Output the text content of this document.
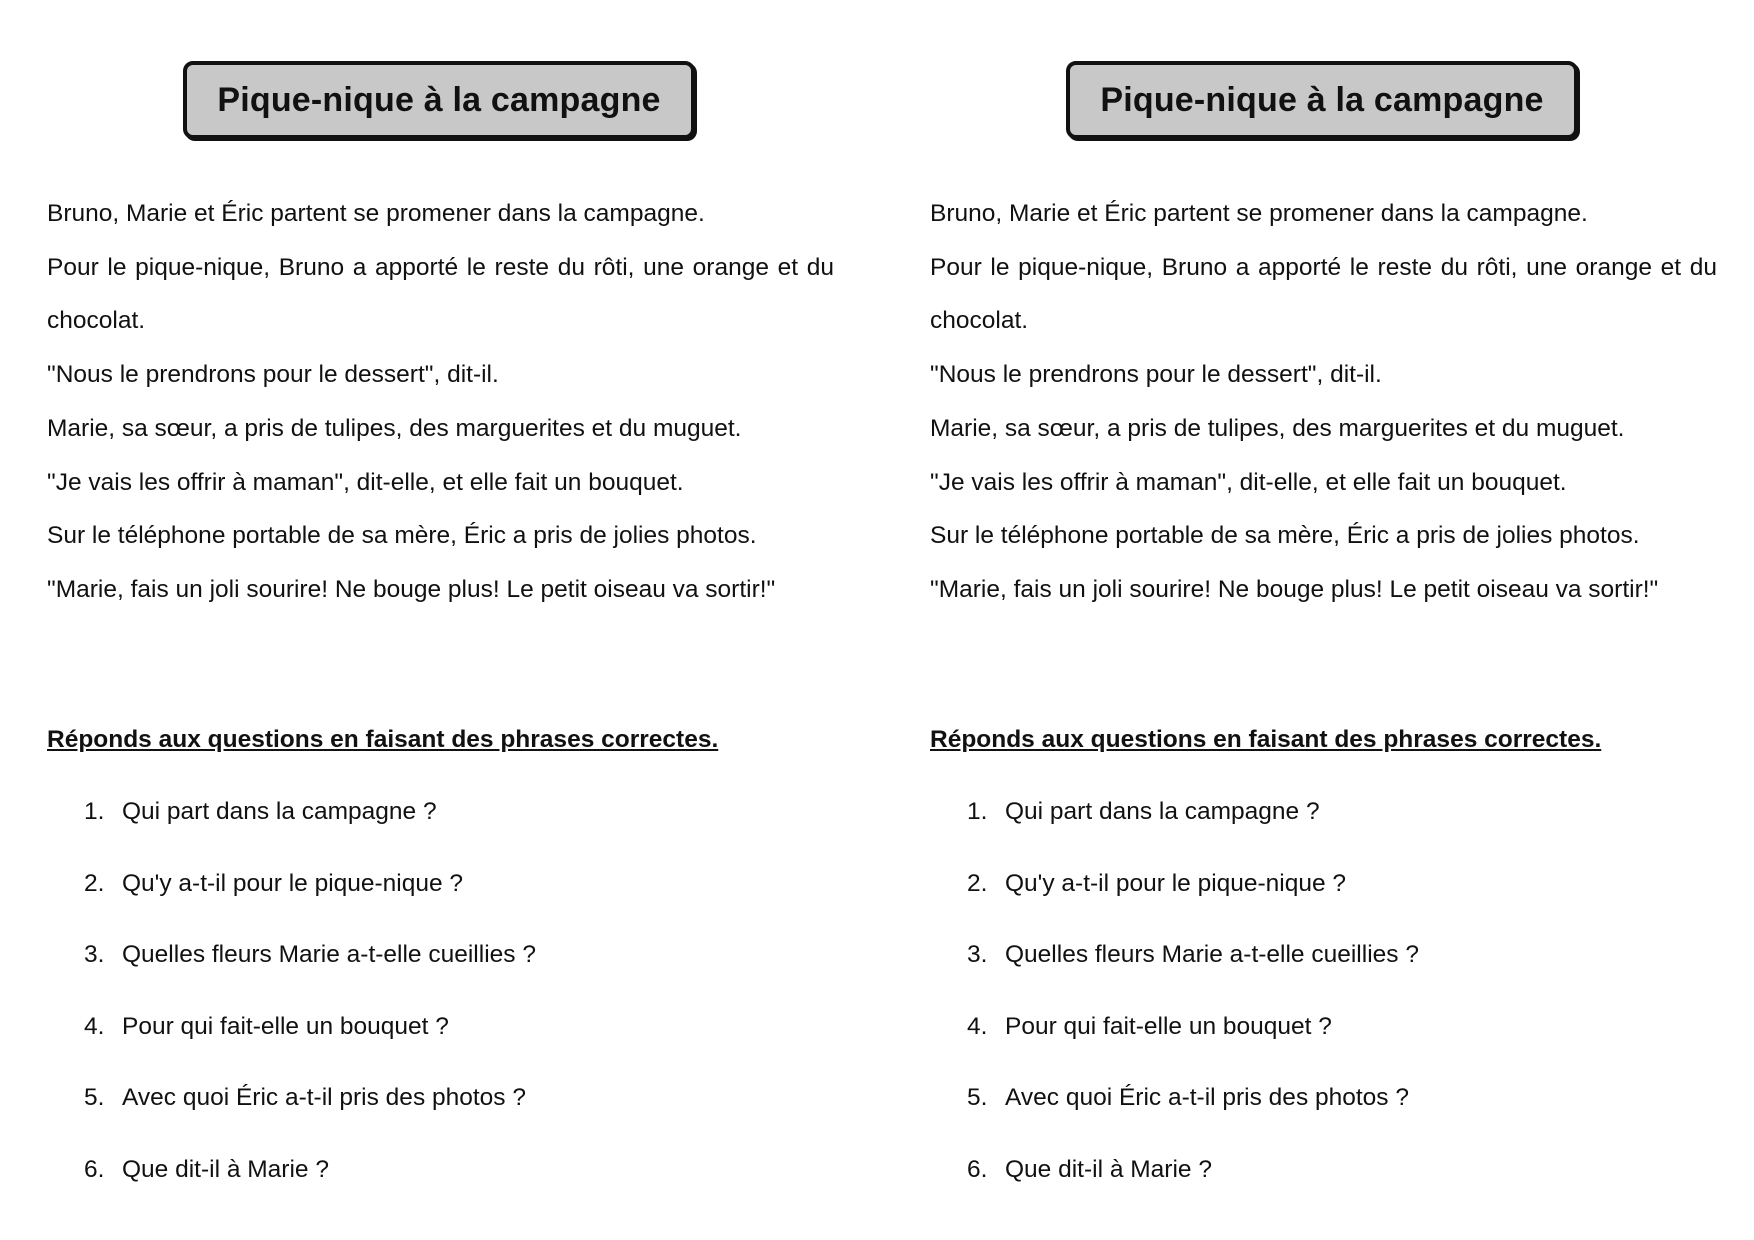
Pique-nique à la campagne

Bruno, Marie et Éric partent se promener dans la campagne.

Pour le pique-nique, Bruno a apporté le reste du rôti, une orange et du chocolat.

"Nous le prendrons pour le dessert", dit-il.

Marie, sa sœur, a pris de tulipes, des marguerites et du muguet.

"Je vais les offrir à maman", dit-elle, et elle fait un bouquet.

Sur le téléphone portable de sa mère, Éric a pris de jolies photos.

"Marie, fais un joli sourire! Ne bouge plus! Le petit oiseau va sortir!"

Réponds aux questions en faisant des phrases correctes.
1. Qui part dans la campagne ?
2. Qu'y a-t-il pour le pique-nique ?
3. Quelles fleurs Marie a-t-elle cueillies ?
4. Pour qui fait-elle un bouquet ?
5. Avec quoi Éric a-t-il pris des photos ?
6. Que dit-il à Marie ?
Pique-nique à la campagne

Bruno, Marie et Éric partent se promener dans la campagne.

Pour le pique-nique, Bruno a apporté le reste du rôti, une orange et du chocolat.

"Nous le prendrons pour le dessert", dit-il.

Marie, sa sœur, a pris de tulipes, des marguerites et du muguet.

"Je vais les offrir à maman", dit-elle, et elle fait un bouquet.

Sur le téléphone portable de sa mère, Éric a pris de jolies photos.

"Marie, fais un joli sourire! Ne bouge plus! Le petit oiseau va sortir!"

Réponds aux questions en faisant des phrases correctes.
1. Qui part dans la campagne ?
2. Qu'y a-t-il pour le pique-nique ?
3. Quelles fleurs Marie a-t-elle cueillies ?
4. Pour qui fait-elle un bouquet ?
5. Avec quoi Éric a-t-il pris des photos ?
6. Que dit-il à Marie ?
